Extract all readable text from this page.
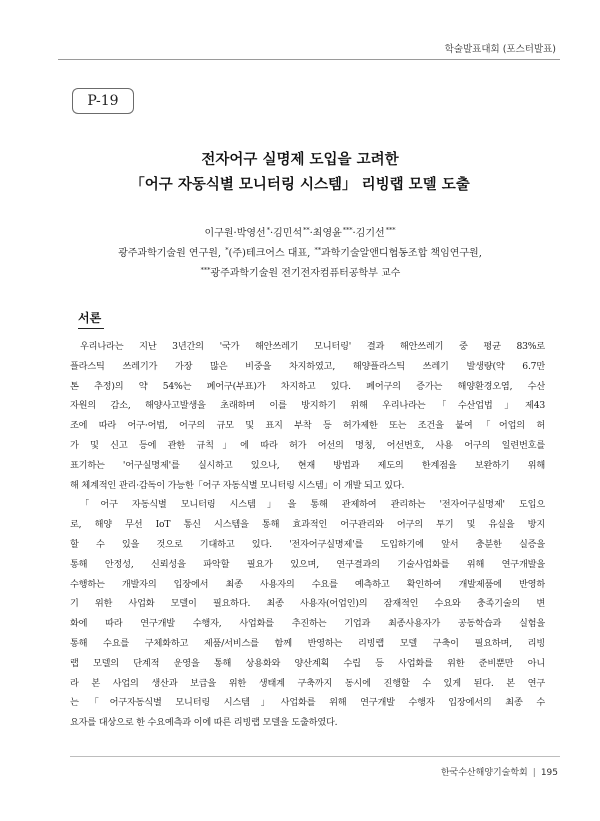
학술발표대회 (포스터발표)
P-19
전자어구 실명제 도입을 고려한
「어구 자동식별 모니터링 시스템」 리빙랩 모델 도출
이구원·박영선*·김민석**·최영윤***·김기선***
광주과학기술원 연구원, *(주)테크어스 대표, **과학기술알앤디협동조합 책임연구원,
***광주과학기술원 전기전자컴퓨터공학부 교수
서론
우리나라는 지난 3년간의 '국가 해안쓰레기 모니터링' 결과 해안쓰레기 중 평균 83%로
플라스틱 쓰레기가 가장 많은 비중을 차지하였고, 해양플라스틱 쓰레기 발생량(약 6.7만
톤 추정)의 약 54%는 폐어구(부표)가 차지하고 있다. 폐어구의 증가는 해양환경오염, 수산
자원의 감소, 해양사고발생을 초래하며 이를 방지하기 위해 우리나라는「수산업법」제43
조에 따라 어구·어법, 어구의 규모 및 표지 부착 등 허가제한 또는 조건을 붙여「어업의 허
가 및 신고 등에 관한 규칙」에 따라 허가 어선의 명칭, 어선번호, 사용 어구의 일련번호를
표기하는 '어구실명제'를 실시하고 있으나, 현재 방법과 제도의 한계점을 보완하기 위해
해 체계적인 관리·감독이 가능한「어구 자동식별 모니터링 시스템」이 개발 되고 있다.
「어구 자동식별 모니터링 시스템」을 통해 관제하여 관리하는 '전자어구실명제' 도입으
로, 해양 무선 IoT 통신 시스템을 통해 효과적인 어구관리와 어구의 투기 및 유실을 방지
할 수 있을 것으로 기대하고 있다. '전자어구실명제'를 도입하기에 앞서 충분한 실증을
통해 안정성, 신뢰성을 파악할 필요가 있으며, 연구결과의 기술사업화를 위해 연구개발을
수행하는 개발자의 입장에서 최종 사용자의 수요를 예측하고 확인하여 개발제품에 반영하
기 위한 사업화 모델이 필요하다. 최종 사용자(어업인)의 잠재적인 수요와 충족기술의 변
화에 따라 연구개발 수행자, 사업화를 추진하는 기업과 최종사용자가 공동학습과 실험을
통해 수요를 구체화하고 제품/서비스를 함께 반영하는 리빙랩 모델 구축이 필요하며, 리빙
랩 모델의 단계적 운영을 통해 상용화와 양산계획 수립 등 사업화를 위한 준비뿐만 아니
라 본 사업의 생산과 보급을 위한 생태계 구축까지 동시에 진행할 수 있게 된다. 본 연구
는「어구자동식별 모니터링 시스템」사업화를 위해 연구개발 수행자 입장에서의 최종 수
요자를 대상으로 한 수요예측과 이에 따른 리빙랩 모델을 도출하였다.
한국수산해양기술학회 | 195
